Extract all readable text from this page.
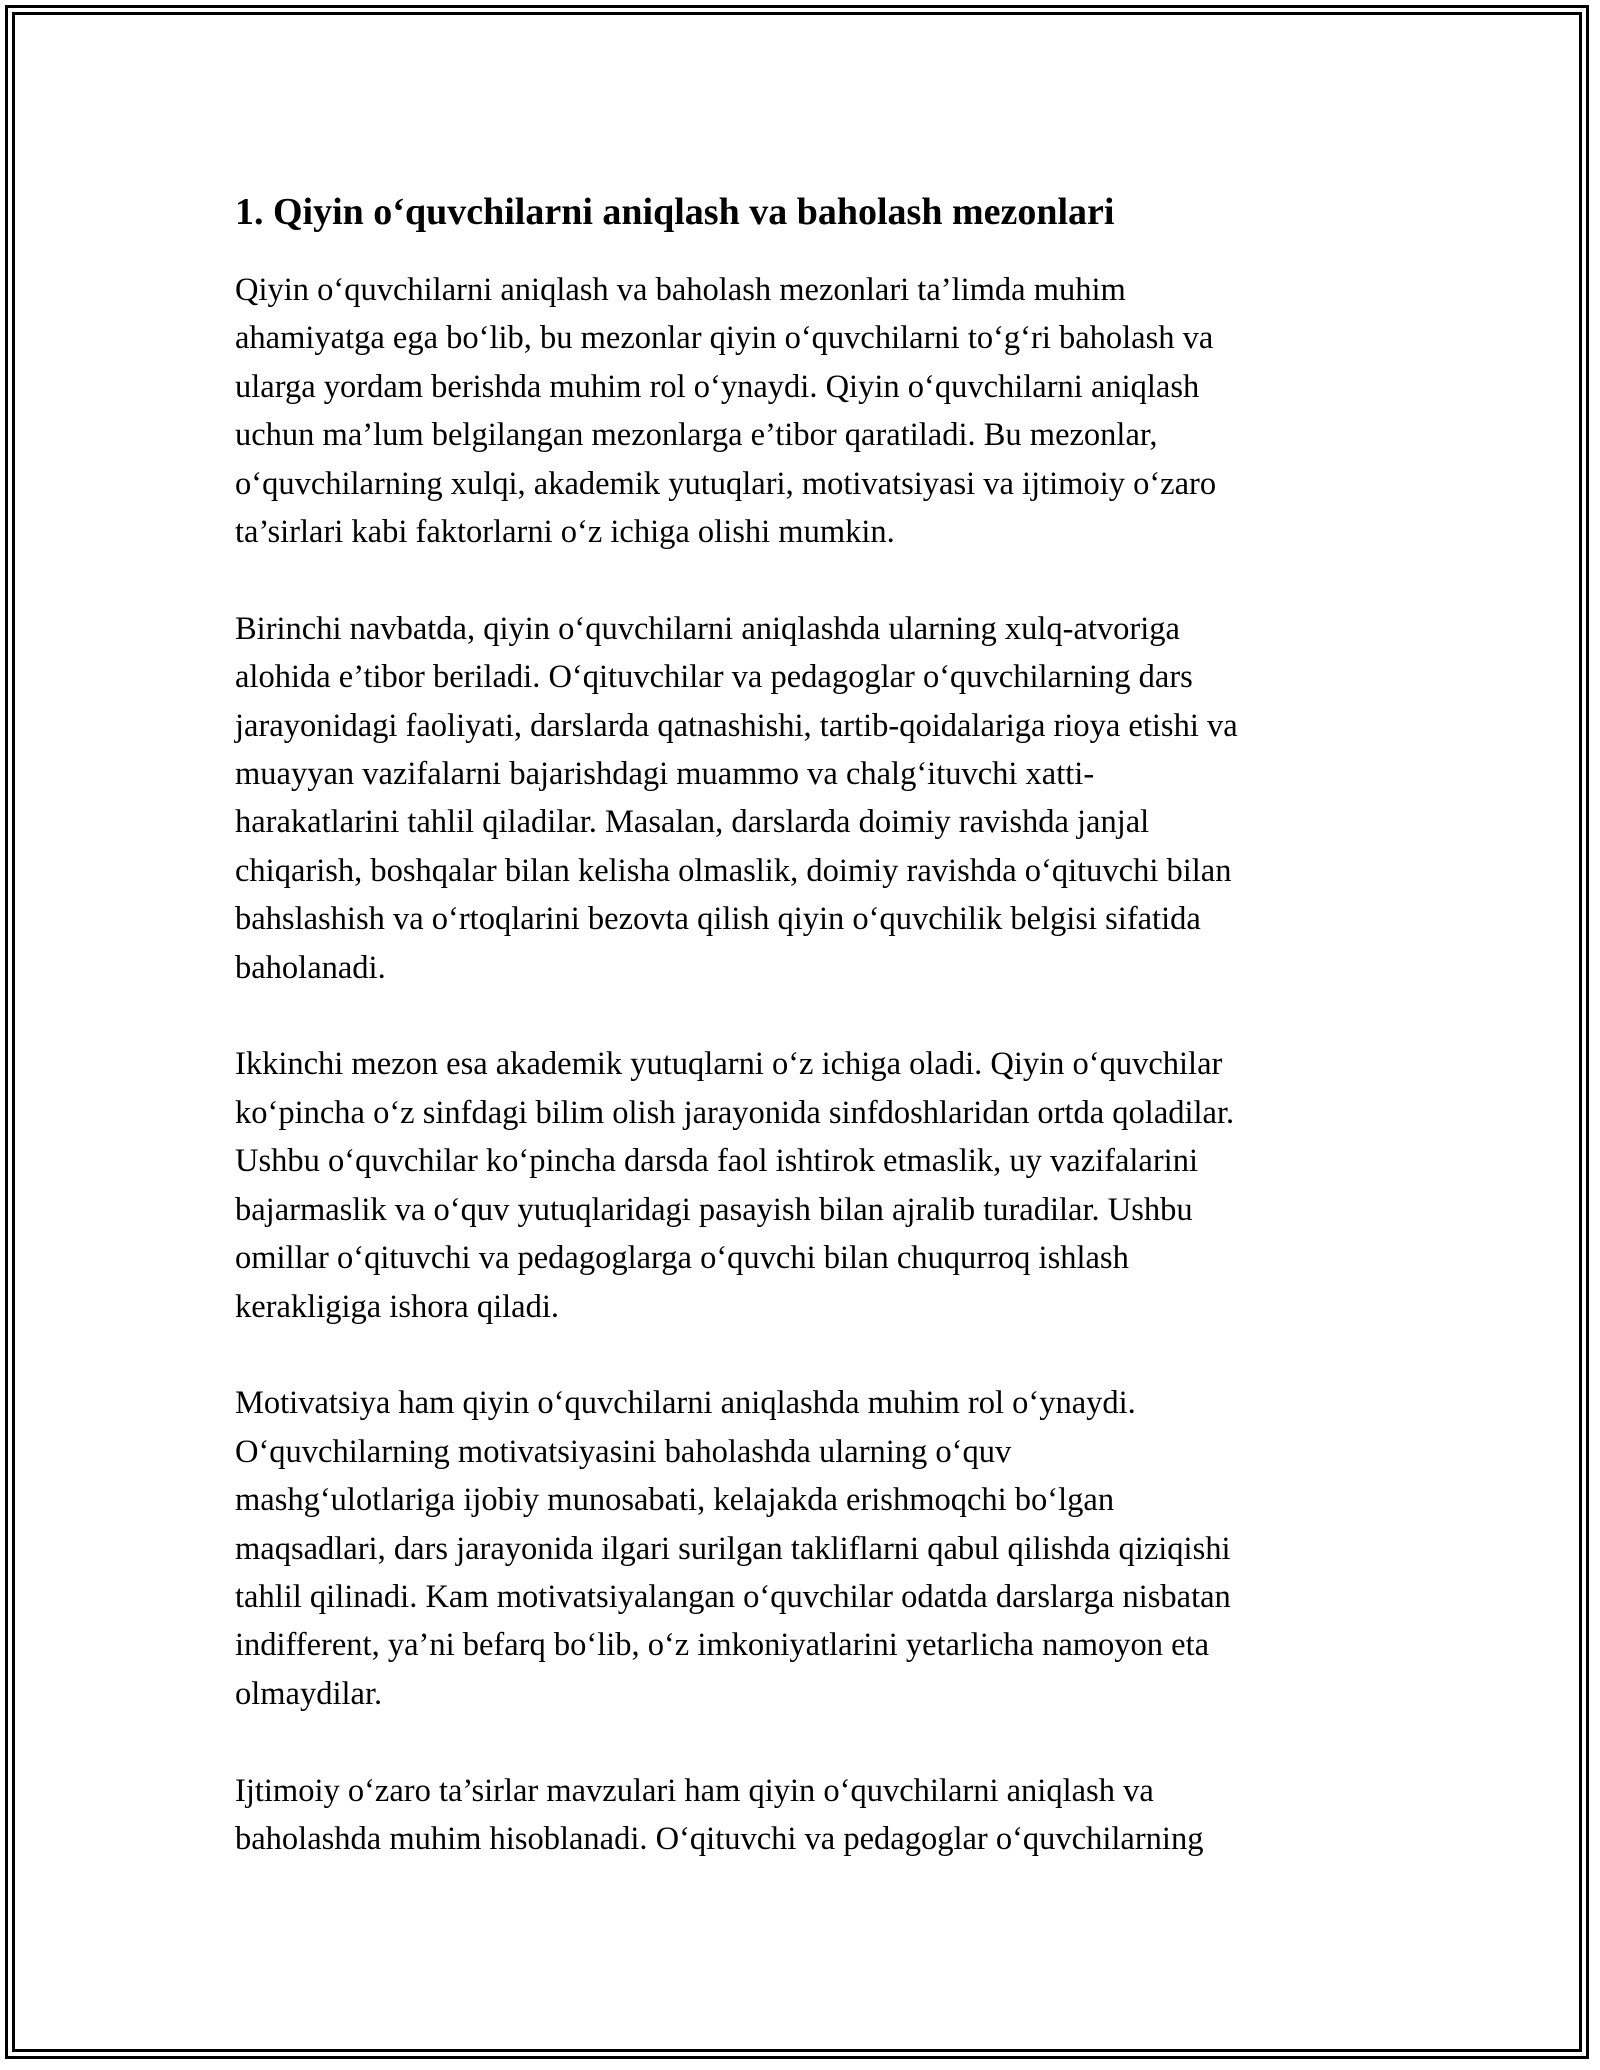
1. Qiyin o‘quvchilarni aniqlash va baholash mezonlari
Qiyin o‘quvchilarni aniqlash va baholash mezonlari ta’limda muhim
ahamiyatga ega bo‘lib, bu mezonlar qiyin o‘quvchilarni to‘g‘ri baholash va
ularga yordam berishda muhim rol o‘ynaydi. Qiyin o‘quvchilarni aniqlash
uchun ma’lum belgilangan mezonlarga e’tibor qaratiladi. Bu mezonlar,
o‘quvchilarning xulqi, akademik yutuqlari, motivatsiyasi va ijtimoiy o‘zaro
ta’sirlari kabi faktorlarni o‘z ichiga olishi mumkin.
Birinchi navbatda, qiyin o‘quvchilarni aniqlashda ularning xulq-atvoriga
alohida e’tibor beriladi. O‘qituvchilar va pedagoglar o‘quvchilarning dars
jarayonidagi faoliyati, darslarda qatnashishi, tartib-qoidalariga rioya etishi va
muayyan vazifalarni bajarishdagi muammo va chalg‘ituvchi xatti-
harakatlarini tahlil qiladilar. Masalan, darslarda doimiy ravishda janjal
chiqarish, boshqalar bilan kelisha olmaslik, doimiy ravishda o‘qituvchi bilan
bahslashish va o‘rtoqlarini bezovta qilish qiyin o‘quvchilik belgisi sifatida
baholanadi.
Ikkinchi mezon esa akademik yutuqlarni o‘z ichiga oladi. Qiyin o‘quvchilar
ko‘pincha o‘z sinfdagi bilim olish jarayonida sinfdoshlaridan ortda qoladilar.
Ushbu o‘quvchilar ko‘pincha darsda faol ishtirok etmaslik, uy vazifalarini
bajarmaslik va o‘quv yutuqlaridagi pasayish bilan ajralib turadilar. Ushbu
omillar o‘qituvchi va pedagoglarga o‘quvchi bilan chuqurroq ishlash
kerakligiga ishora qiladi.
Motivatsiya ham qiyin o‘quvchilarni aniqlashda muhim rol o‘ynaydi.
O‘quvchilarning motivatsiyasini baholashda ularning o‘quv
mashg‘ulotlariga ijobiy munosabati, kelajakda erishmoqchi bo‘lgan
maqsadlari, dars jarayonida ilgari surilgan takliflarni qabul qilishda qiziqishi
tahlil qilinadi. Kam motivatsiyalangan o‘quvchilar odatda darslarga nisbatan
indifferent, ya’ni befarq bo‘lib, o‘z imkoniyatlarini yetarlicha namoyon eta
olmaydilar.
Ijtimoiy o‘zaro ta’sirlar mavzulari ham qiyin o‘quvchilarni aniqlash va
baholashda muhim hisoblanadi. O‘qituvchi va pedagoglar o‘quvchilarning
